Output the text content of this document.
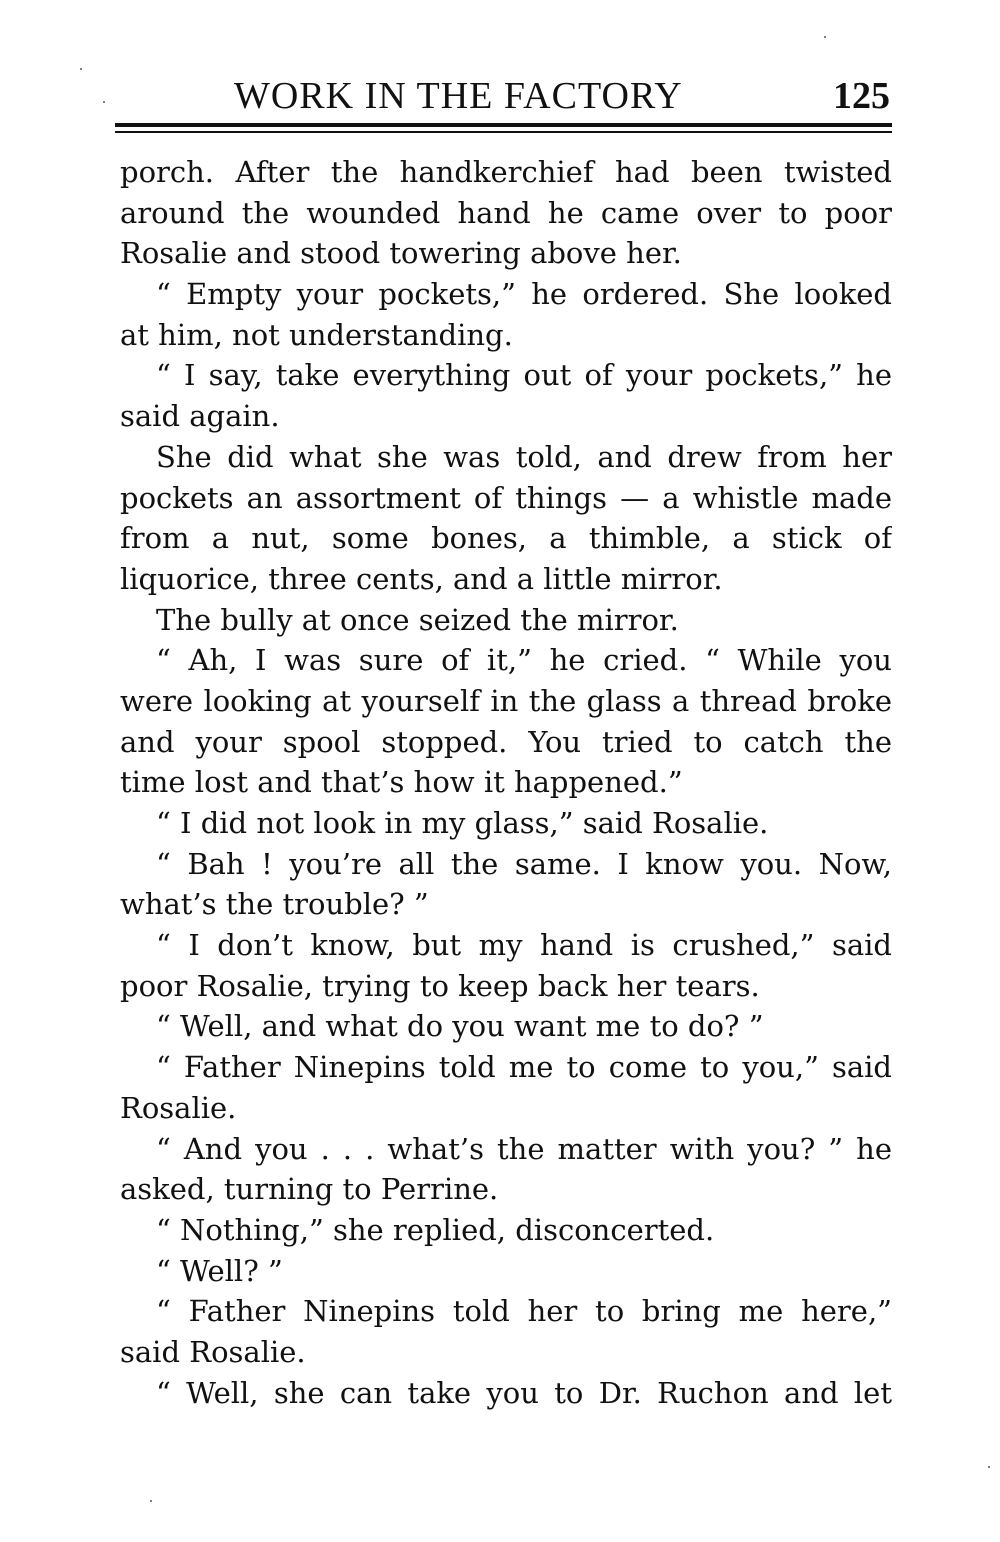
WORK IN THE FACTORY	125
porch. After the handkerchief had been twisted
around the wounded hand he came over to poor
Rosalie and stood towering above her.
“ Empty your pockets,” he ordered. She looked
at him, not understanding.
“ I say, take everything out of your pockets,” he
said again.
She did what she was told, and drew from her
pockets an assortment of things — a whistle made
from a nut, some bones, a thimble, a stick of
liquorice, three cents, and a little mirror.
The bully at once seized the mirror.
“ Ah, I was sure of it,” he cried. “ While you
were looking at yourself in the glass a thread broke
and your spool stopped. You tried to catch the
time lost and that’s how it happened.”
“ I did not look in my glass,” said Rosalie.
“ Bah ! you’re all the same. I know you. Now,
what’s the trouble? ”
“ I don’t know, but my hand is crushed,” said
poor Rosalie, trying to keep back her tears.
“ Well, and what do you want me to do? ”
“ Father Ninepins told me to come to you,” said
Rosalie.
“ And you . . . what’s the matter with you? ” he
asked, turning to Perrine.
“ Nothing,” she replied, disconcerted.
“ Well? ”
“ Father Ninepins told her to bring me here,”
said Rosalie.
“ Well, she can take you to Dr. Ruchon and let
